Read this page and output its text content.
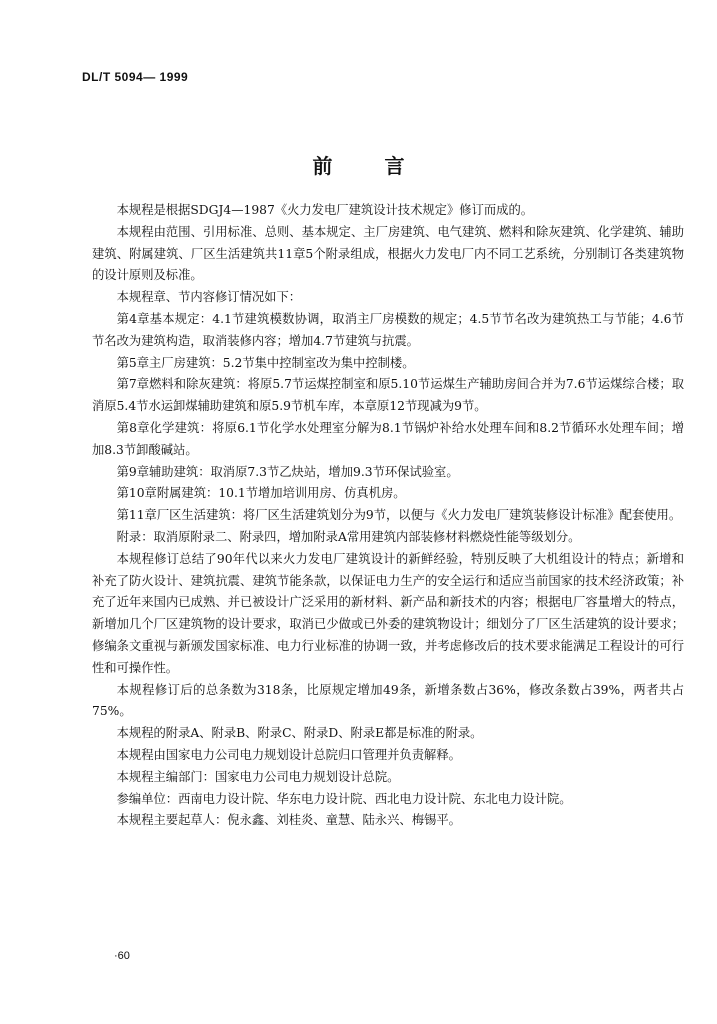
DL/T 5094— 1999
前言

本规程是根据SDGJ4—1987《火力发电厂建筑设计技术规定》修订而成的。

本规程由范围、引用标准、总则、基本规定、主厂房建筑、电气建筑、燃料和除灰建筑、化学建筑、辅助建筑、附属建筑、厂区生活建筑共11章5个附录组成，根据火力发电厂内不同工艺系统，分别制订各类建筑物的设计原则及标准。

本规程章、节内容修订情况如下：

第4章基本规定：4.1节建筑模数协调，取消主厂房模数的规定；4.5节节名改为建筑热工与节能；4.6节节名改为建筑构造，取消装修内容；增加4.7节建筑与抗震。

第5章主厂房建筑：5.2节集中控制室改为集中控制楼。

第7章燃料和除灰建筑：将原5.7节运煤控制室和原5.10节运煤生产辅助房间合并为7.6节运煤综合楼；取消原5.4节水运卸煤辅助建筑和原5.9节机车库，本章原12节现减为9节。

第8章化学建筑：将原6.1节化学水处理室分解为8.1节锅炉补给水处理车间和8.2节循环水处理车间；增加8.3节卸酸碱站。

第9章辅助建筑：取消原7.3节乙炔站，增加9.3节环保试验室。

第10章附属建筑：10.1节增加培训用房、仿真机房。

第11章厂区生活建筑：将厂区生活建筑划分为9节，以便与《火力发电厂建筑装修设计标准》配套使用。

附录：取消原附录二、附录四，增加附录A常用建筑内部装修材料燃烧性能等级划分。

本规程修订总结了90年代以来火力发电厂建筑设计的新鲜经验，特别反映了大机组设计的特点；新增和补充了防火设计、建筑抗震、建筑节能条款，以保证电力生产的安全运行和适应当前国家的技术经济政策；补充了近年来国内已成熟、并已被设计广泛采用的新材料、新产品和新技术的内容；根据电厂容量增大的特点，新增加几个厂区建筑物的设计要求，取消已少做或已外委的建筑物设计；细划分了厂区生活建筑的设计要求；修编条文重视与新颁发国家标准、电力行业标准的协调一致，并考虑修改后的技术要求能满足工程设计的可行性和可操作性。

本规程修订后的总条数为318条，比原规定增加49条，新增条数占36%，修改条数占39%，两者共占75%。

本规程的附录A、附录B、附录C、附录D、附录E都是标准的附录。

本规程由国家电力公司电力规划设计总院归口管理并负责解释。

本规程主编部门：国家电力公司电力规划设计总院。

参编单位：西南电力设计院、华东电力设计院、西北电力设计院、东北电力设计院。

本规程主要起草人：倪永鑫、刘桂炎、童慧、陆永兴、梅锡平。

·60
